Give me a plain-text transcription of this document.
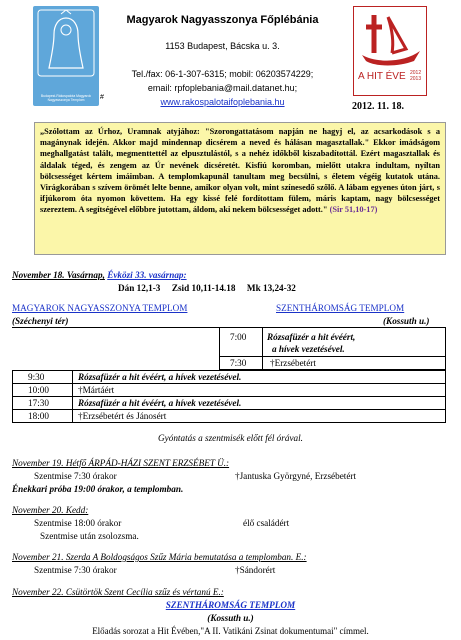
Budapest-Rákospalota Magyarok Nagyasszonya Templom
Magyarok Nagyasszonya Főplébánia
1153 Budapest, Bácska u. 3.
Tel./fax: 06-1-307-6315; mobil: 06203574229;
email: rpfoplebania@mail.datanet.hu;
www.rakospalotaifoplebania.hu
#
A HIT ÉVE 2012 2013
2012. 11. 18.
„Szólottam az Úrhoz, Uramnak atyjához: "Szorongattatásom napján ne hagyj el, az acsarkodások s a magánynak idején. Akkor majd mindennap dicsérem a neved és hálásan magasztallak." Ekkor imádságom meghallgatást talált, megmenttettél az elpusztulástól, s a nehéz időkből kiszabadítottál. Ezért magasztallak és áldalak téged, és zengem az Úr nevének dicséretét. Kisfiú koromban, mielőtt utakra indultam, nyíltan bölcsességet kértem imáimban. A templomkapunál tanultam meg becsülni, s életem végéig kutatok utána. Virágkorában s szívem örömét lelte benne, amikor olyan volt, mint színesedő szőlő. A lábam egyenes úton járt, s ifjúkorom óta nyomon követtem. Ha egy kissé felé fordítottam fülem, máris kaptam, nagy bölcsességet szereztem. A segítségével előbbre jutottam, áldom, aki nekem bölcsességet adott." (Sir 51,10-17)
November 18. Vasárnap, Évközi 33. vasárnap:
Dán 12,1-3     Zsid 10,11-14.18     Mk 13,24-32
MAGYAROK NAGYASSZONYA TEMPLOM
(Széchenyi tér)
SZENTHÁROMSÁG TEMPLOM
(Kossuth u.)
7:00 Rózsafüzér a hit évéért,
a hívek vezetésével.
7:30	†Erzsébetért
9:30	Rózsafüzér a hit évéért, a hívek vezetésével.
10:00	†Mártáért
17:30	Rózsafüzér a hit évéért, a hívek vezetésével.
18:00	†Erzsébetért és Jánosért
Gyóntatás a szentmisék előtt fél órával.
November 19. Hétfő ÁRPÁD-HÁZI SZENT ERZSÉBET Ü.:
Szentmise 7:30 órakor	†Jantuska Györgyné, Erzsébetért
Énekkari próba 19:00 órakor, a templomban.
November 20. Kedd:
Szentmise 18:00 órakor	élő családért
Szentmise után zsolozsma.
November 21. Szerda A Boldogságos Szűz Mária bemutatása a templomban. E.:
Szentmise 7:30 órakor	†Sándorért
November 22. Csütörtök Szent Cecília szűz és vértanú E.:
SZENTHÁROMSÁG TEMPLOM
(Kossuth u.)
Előadás sorozat a Hit Évében,"A II. Vatikáni Zsinat dokumentumai" címmel.
